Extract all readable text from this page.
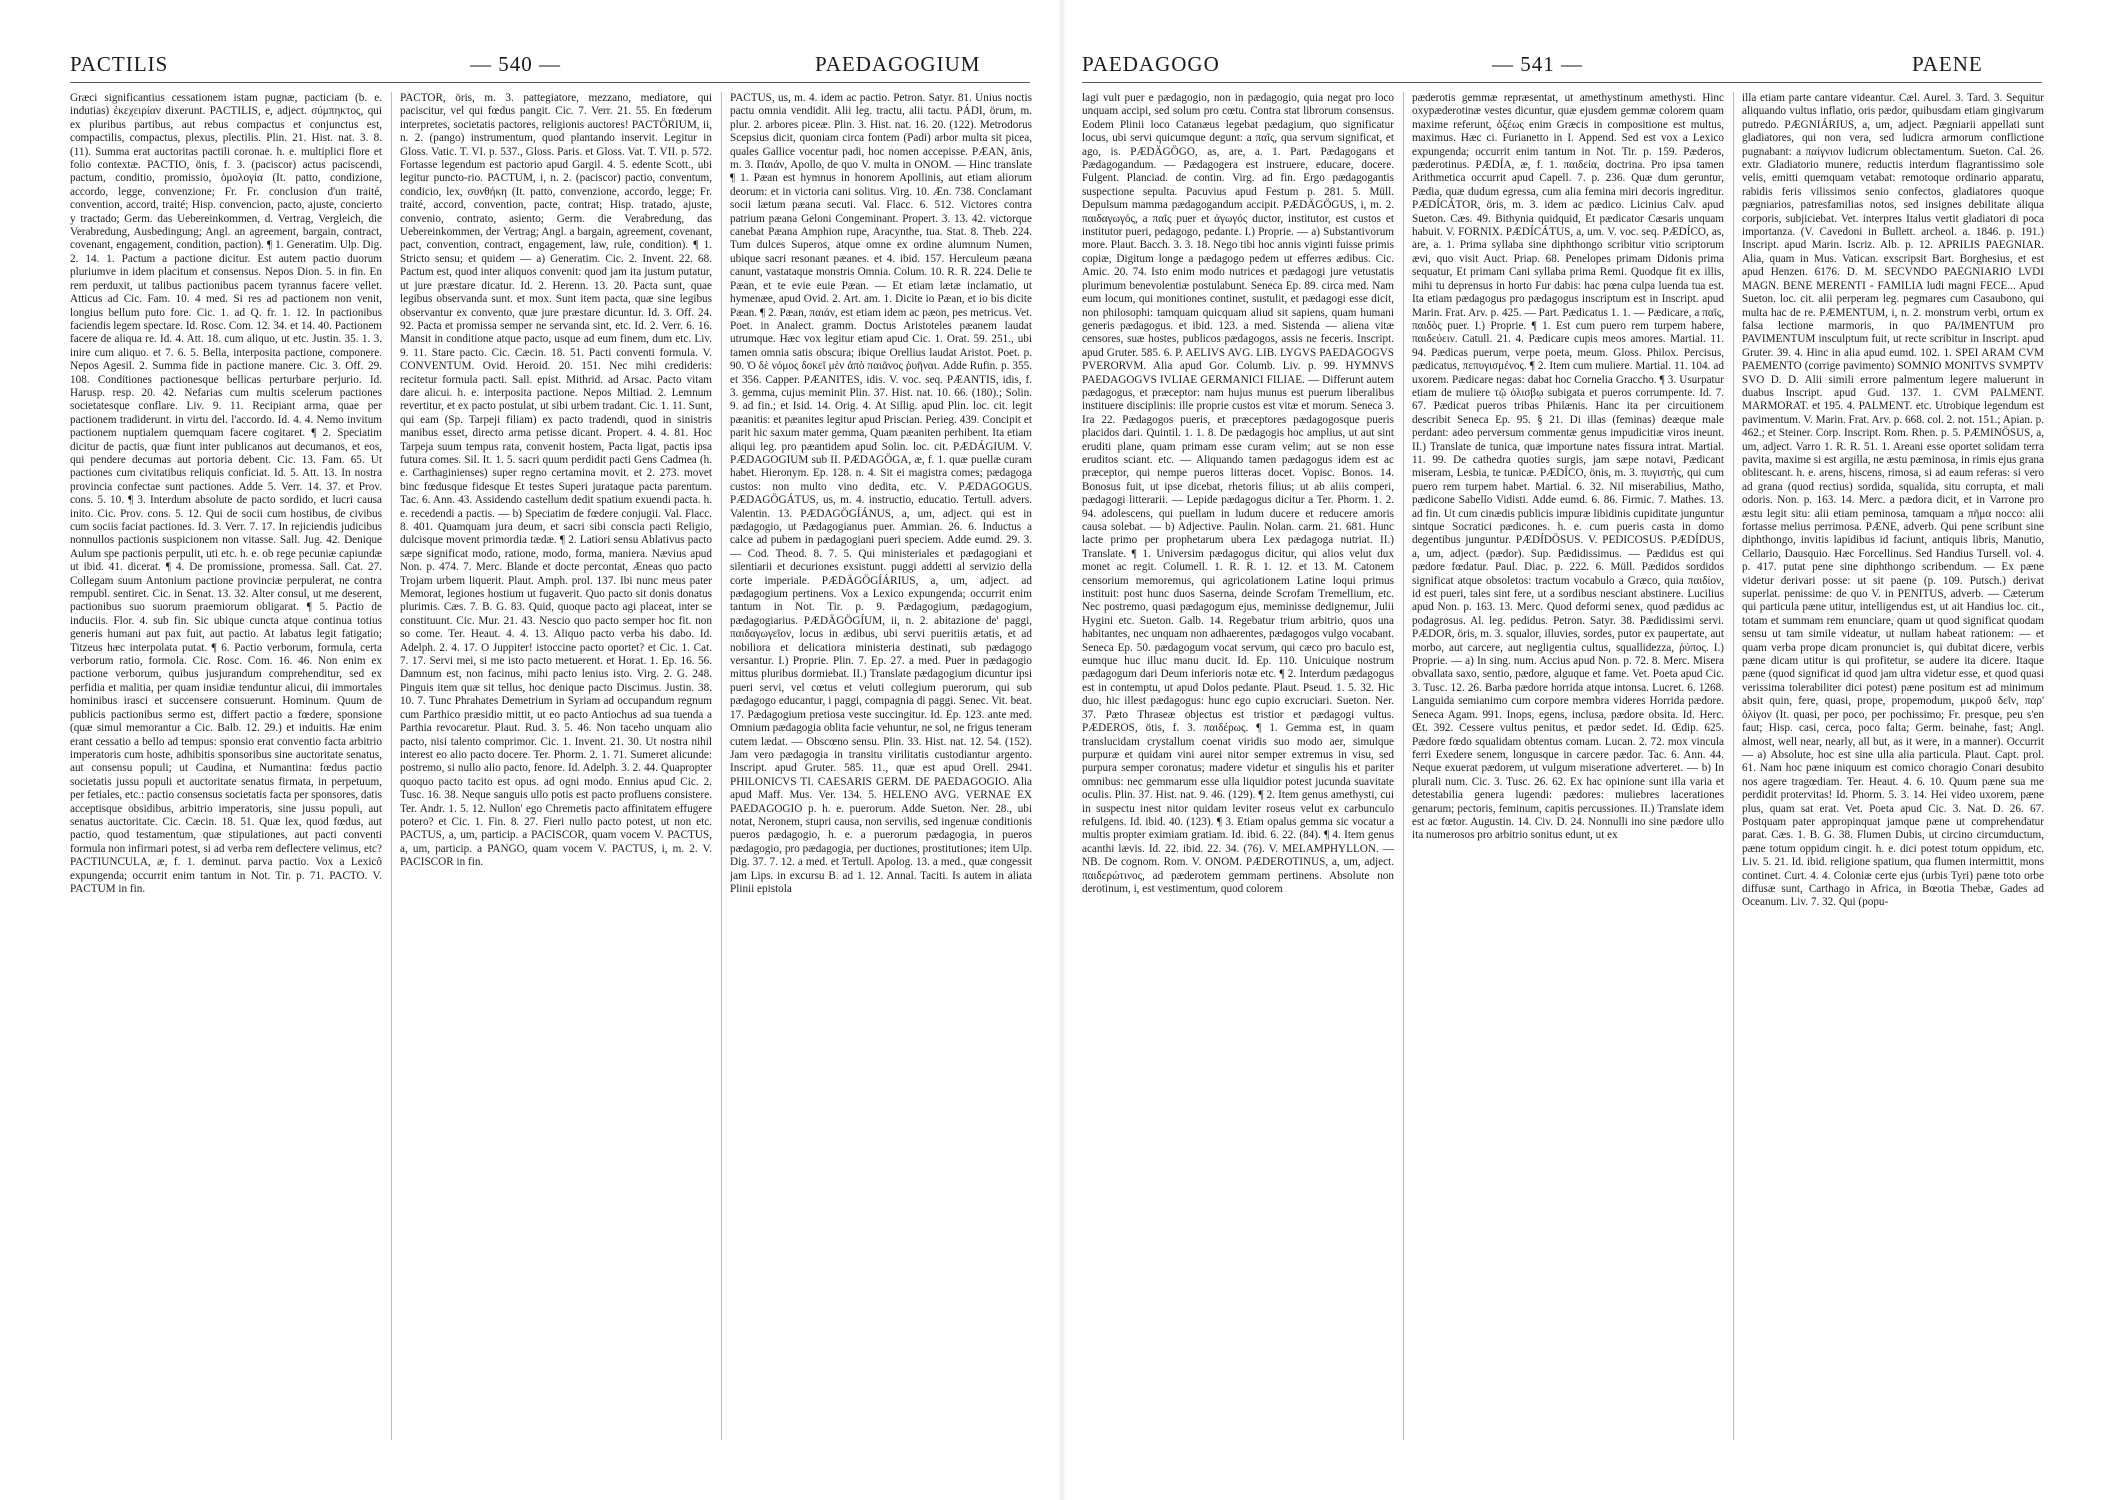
PACTILIS	— 540 —	PAEDAGOGIUM

Græci significantius cessationem istam pugnæ, pacticiam (b. e. indutias) ἐκεχειρίαν dixerunt. PACTILIS, e, adject. σύμπηκτος, qui ex pluribus partibus, aut rebus compactus et conjunctus est, compactilis, compactus, plexus, plectilis. Plin. 21. Hist. nat. 3. 8. (11). Summa erat auctoritas pactili coronae. h. e. multiplici flore et folio contextæ. PACTIO, önis, f. 3. (paciscor) actus paciscendi, pactum, conditio, promissio, ὁμολογία (It. patto, condizione, accordo, legge, convenzione; Fr. Fr. conclusion d'un traité, convention, accord, traité; Hisp. convencion, pacto, ajuste, concierto y tractado; Germ. das Uebereinkommen, d. Vertrag, Vergleich, die Verabredung, Ausbedingung; Angl. an agreement, bargain, contract, covenant, engagement, condition, paction). ¶ 1. Generatim. Ulp. Dig. 2. 14. 1. Pactum a pactione dicitur. Est autem pactio duorum pluriumve in idem placitum et consensus. Nepos Dion. 5. in fin. En rem perduxit, ut talibus pactionibus pacem tyrannus facere vellet. Atticus ad Cic. Fam. 10. 4 med. Si res ad pactionem non venit, longius bellum puto fore. Cic. 1. ad Q. fr. 1. 12. In pactionibus faciendis legem spectare. Id. Rosc. Com. 12. 34. et 14. 40. Pactionem facere de aliqua re. Id. 4. Att. 18. cum aliquo, ut etc. Justin. 35. 1. 3. inire cum aliquo. et 7. 6. 5. Bella, interposita pactione, componere. Nepos Agesil. 2. Summa fide in pactione manere. Cic. 3. Off. 29. 108. Conditiones pactionesque bellicas perturbare perjurio. Id. Harusp. resp. 20. 42. Nefarias cum multis scelerum pactiones societatesque conflare. Liv. 9. 11. Recipiant arma, quae per pactionem tradiderunt. in virtu del. l'accordo. Id. 4. 4. Nemo invitum pactionem nuptialem quemquam facere cogitaret. ¶ 2. Speciatim dicitur de pactis, quæ fiunt inter publicanos aut decumanos, et eos, qui pendere decumas aut portoria debent. Cic. 13. Fam. 65. Ut pactiones cum civitatibus reliquis conficiat. Id. 5. Att. 13. In nostra provincia confectae sunt pactiones. Adde 5. Verr. 14. 37. et Prov. cons. 5. 10. ¶ 3. Interdum absolute de pacto sordido, et lucri causa inito. Cic. Prov. cons. 5. 12. Qui de socii cum hostibus, de civibus cum sociis faciat pactiones. Id. 3. Verr. 7. 17. In rejiciendis judicibus nonnullos pactionis suspicionem non vitasse. Sall. Jug. 42. Denique Aulum spe pactionis perpulit, uti etc. h. e. ob rege pecuniæ capiundæ ut ibid. 41. dicerat. ¶ 4. De promissione, promessa. Sall. Cat. 27. Collegam suum Antonium pactione provinciæ perpulerat, ne contra rempubl. sentiret. Cic. in Senat. 13. 32. Alter consul, ut me deserent, pactionibus suo suorum praemiorum obligarat. ¶ 5. Pactio de induciis. Flor. 4. sub fin. Sic ubique cuncta atque continua totius generis humani aut pax fuit, aut pactio. At labatus legit fatigatio; Titzeus hæc interpolata putat. ¶ 6. Pactio verborum, formula, certa verborum ratio, formola. Cic. Rosc. Com. 16. 46. Non enim ex pactione verborum, quibus jusjurandum comprehenditur, sed ex perfidia et malitia, per quam insidiæ tenduntur alicui, dii immortales hominibus irasci et succensere consuerunt. Hominum. Quum de publicis pactionibus sermo est, differt pactio a fœdere, sponsione (quæ simul memorantur a Cic. Balb. 12. 29.) et induitis. Hæ enim erant cessatio a bello ad tempus: sponsio erat conventio facta arbitrio imperatoris cum hoste, adhibitis sponsoribus sine auctoritate senatus, aut consensu populi; ut Caudina, et Numantina: fœdus pactio societatis jussu populi et auctoritate senatus firmata, in perpetuum, per fetiales, etc.: pactio consensus societatis facta per sponsores, datis acceptisque obsidibus, arbitrio imperatoris, sine jussu populi, aut senatus auctoritate. Cic. Cæcin. 18. 51. Quæ lex, quod fœdus, aut pactio, quod testamentum, quæ stipulationes, aut pacti conventi formula non infirmari potest, si ad verba rem deflectere velimus, etc? PACTIUNCULA, æ, f. 1. deminut. parva pactio. Vox a Lexicô expungenda; occurrit enim tantum in Not. Tir. p. 71. PACTO. V. PACTUM in fin.

PACTOR, öris, m. 3. pattegiatore, mezzano, mediatore, qui paciscitur, vel qui fœdus pangit. Cic. 7. Verr. 21. 55. En fœderum interpretes, societatis pactores, religionis auctores! PACTÖRIUM, ii, n. 2. (pango) instrumentum, quod plantando inservit. Legitur in Gloss. Vatic. T. VI. p. 537., Gloss. Paris. et Gloss. Vat. T. VII. p. 572. Fortasse legendum est pactorio apud Gargil. 4. 5. edente Scott., ubi legitur puncto-rio. PACTUM, i, n. 2. (paciscor) pactio, conventum, condicio, lex, συνθήκη (It. patto, convenzione, accordo, legge; Fr. traité, accord, convention, pacte, contrat; Hisp. tratado, ajuste, convenio, contrato, asiento; Germ. die Verabredung, das Uebereinkommen, der Vertrag; Angl. a bargain, agreement, covenant, pact, convention, contract, engagement, law, rule, condition). ¶ 1. Stricto sensu; et quidem — a) Generatim. Cic. 2. Invent. 22. 68. Pactum est, quod inter aliquos convenit: quod jam ita justum putatur, ut jure præstare dicatur. Id. 2. Herenn. 13. 20. Pacta sunt, quae legibus observanda sunt. et mox. Sunt item pacta, quæ sine legibus observantur ex convento, quæ jure præstare dicuntur. Id. 3. Off. 24. 92. Pacta et promissa semper ne servanda sint, etc. Id. 2. Verr. 6. 16. Mansit in conditione atque pacto, usque ad eum finem, dum etc. Liv. 9. 11. Stare pacto. Cic. Cæcin. 18. 51. Pacti conventi formula. V. CONVENTUM. Ovid. Heroid. 20. 151. Nec mihi credideris: recitetur formula pacti. Sall. epist. Mithrid. ad Arsac. Pacto vitam dare alicui. h. e. interposita pactione. Nepos Miltiad. 2. Lemnum revertitur, et ex pacto postulat, ut sibi urbem tradant. Cic. 1. 11. Sunt, qui eam (Sp. Tarpeji filiam) ex pacto tradendi, quod in sinistris manibus esset, directo arma petisse dicant. Propert. 4. 4. 81. Hoc Tarpeja suum tempus rata, convenit hostem, Pacta ligat, pactis ipsa futura comes. Sil. It. 1. 5. sacri quum perdidit pacti Gens Cadmea (h. e. Carthaginienses) super regno certamina movit. et 2. 273. movet binc fœdusque fidesque Et testes Superi jurataque pacta parentum. Tac. 6. Ann. 43. Assidendo castellum dedit spatium exuendi pacta. h. e. recedendi a pactis. — b) Speciatim de fœdere conjugii. Val. Flacc. 8. 401. Quamquam jura deum, et sacri sibi conscia pacti Religio, dulcisque movent primordia tædæ. ¶ 2. Latiori sensu Ablativus pacto sæpe significat modo, ratione, modo, forma, maniera. Nævius apud Non. p. 474. 7. Merc. Blande et docte percontat, Æneas quo pacto Trojam urbem liquerit. Plaut. Amph. prol. 137. Ibi nunc meus pater Memorat, legiones hostium ut fugaverit. Quo pacto sit donis donatus plurimis. Cæs. 7. B. G. 83. Quid, quoque pacto agi placeat, inter se constituunt. Cic. Mur. 21. 43. Nescio quo pacto semper hoc fit. non so come. Ter. Heaut. 4. 4. 13. Aliquo pacto verba his dabo. Id. Adelph. 2. 4. 17. O Juppiter! istoccine pacto oportet? et Cic. 1. Cat. 7. 17. Servi mei, si me isto pacto metuerent. et Horat. 1. Ep. 16. 56. Damnum est, non facinus, mihi pacto lenius isto. Virg. 2. G. 248. Pinguis item quæ sit tellus, hoc denique pacto Discimus. Justin. 38. 10. 7. Tunc Phrahates Demetrium in Syriam ad occupandum regnum cum Parthico præsidio mittit, ut eo pacto Antiochus ad sua tuenda a Parthia revocaretur. Plaut. Rud. 3. 5. 46. Non taceho unquam alio pacto, nisi talento comprimor. Cic. 1. Invent. 21. 30. Ut nostra nihil interest eo alio pacto docere. Ter. Phorm. 2. 1. 71. Sumeret alicunde: postremo, si nullo alio pacto, fenore. Id. Adelph. 3. 2. 44. Quapropter quoquo pacto tacito est opus. ad ogni modo. Ennius apud Cic. 2. Tusc. 16. 38. Neque sanguis ullo potis est pacto profluens consistere. Ter. Andr. 1. 5. 12. Nullon' ego Chremetis pacto affinitatem effugere potero? et Cic. 1. Fin. 8. 27. Fieri nullo pacto potest, ut non etc. PACTUS, a, um, particip. a PACISCOR, quam vocem V. PACTUS, a, um, particip. a PANGO, quam vocem V. PACTUS, i, m. 2. V. PACISCOR in fin.

PACTUS, us, m. 4. idem ac pactio. Petron. Satyr. 81. Unius noctis pactu omnia vendidit. Alii leg. tractu, alii tactu. PÁDI, örum, m. plur. 2. arbores piceæ. Plin. 3. Hist. nat. 16. 20. (122). Metrodorus Scepsius dicit, quoniam circa fontem (Padi) arbor multa sit picea, quales Gallice vocentur padi, hoc nomen accepisse. PÆAN, ānis, m. 3. Παιάν, Apollo, de quo V. multa in ONOM. — Hinc translate ¶ 1. Pæan est hymnus in honorem Apollinis, aut etiam aliorum deorum: et in victoria cani solitus. Virg. 10. Æn. 738. Conclamant socii lætum pæana secuti. Val. Flacc. 6. 512. Victores contra patrium pæana Geloni Congeminant. Propert. 3. 13. 42. victorque canebat Pæana Amphion rupe, Aracynthe, tua. Stat. 8. Theb. 224. Tum dulces Superos, atque omne ex ordine alumnum Numen, ubique sacri resonant pæanes. et 4. ibid. 157. Herculeum pæana canunt, vastataque monstris Omnia. Colum. 10. R. R. 224. Delie te Pæan, et te evie euie Pæan. — Et etiam lætæ inclamatio, ut hymenæe, apud Ovid. 2. Art. am. 1. Dicite io Pæan, et io bis dicite Pæan. ¶ 2. Pæan, παιάν, est etiam idem ac pæon, pes metricus. Vet. Poet. in Analect. gramm. Doctus Aristoteles pæanem laudat utrumque. Hæc vox legitur etiam apud Cic. 1. Orat. 59. 251., ubi tamen omnia satis obscura; ibique Orellius laudat Aristot. Poet. p. 90. Ὁ δὲ νόμος δοκεῖ μὲν ἀπὸ παιᾶνος ῥυῆναι. Adde Rufin. p. 355. et 356. Capper. PÆANITES, idis. V. voc. seq. PÆANTIS, idis, f. 3. gemma, cujus meminit Plin. 37. Hist. nat. 10. 66. (180).; Solin. 9. ad fin.; et Isid. 14. Orig. 4. At Sillig. apud Plin. loc. cit. legit pæanitis: et pæanites legitur apud Priscian. Perieg. 439. Concipit et parit hic saxum mater gemma, Quam pæaniten perhibent. Ita etiam aliqui leg. pro pæantidem apud Solin. loc. cit. PÆDÁGIUM. V. PÆDAGOGIUM sub II. PÆDAGÖGA, æ, f. 1. quæ puellæ curam habet. Hieronym. Ep. 128. n. 4. Sit ei magistra comes; pædagoga custos: non multo vino dedita, etc. V. PÆDAGOGUS. PÆDAGÖGÁTUS, us, m. 4. instructio, educatio. Tertull. advers. Valentin. 13. PÆDAGÖGÍÁNUS, a, um, adject. qui est in pædagogio, ut Pædagogianus puer. Ammian. 26. 6. Inductus a calce ad pubem in pædagogiani pueri speciem. Adde eumd. 29. 3. — Cod. Theod. 8. 7. 5. Qui ministeriales et pædagogiani et silentiarii et decuriones exsistunt. puggi addetti al servizio della corte imperiale. PÆDÄGÖGÍÁRIUS, a, um, adject. ad pædagogium pertinens. Vox a Lexico expungenda; occurrit enim tantum in Not. Tir. p. 9. Pædagogium, pædagogium, pædagogiarius. PÆDÄGÖGÍUM, ii, n. 2. abitazione de' paggi, παιδαγωγεῖον, locus in ædibus, ubi servi pueritiis ætatis, et ad nobiliora et delicatiora ministeria destinati, sub pædagogo versantur. I.) Proprie. Plin. 7. Ep. 27. a med. Puer in pædagogio mittus pluribus dormiebat. II.) Translate pædagogium dicuntur ipsi pueri servi, vel cœtus et veluti collegium puerorum, qui sub pædagogo educantur, i paggi, compagnia di paggi. Senec. Vit. beat. 17. Pædagogium pretiosa veste succingitur. Id. Ep. 123. ante med. Omnium pædagogia oblita facie vehuntur, ne sol, ne frigus teneram cutem lædat. — Obscœno sensu. Plin. 33. Hist. nat. 12. 54. (152). Jam vero pædagogia in transitu virilitatis custodiantur argento. Inscript. apud Gruter. 585. 11., quæ est apud Orell. 2941. PHILONICVS TI. CAESARIS GERM. DE PAEDAGOGIO. Alia apud Maff. Mus. Ver. 134. 5. HELENO AVG. VERNAE EX PAEDAGOGIO p. h. e. puerorum. Adde Sueton. Ner. 28., ubi notat, Neronem, stupri causa, non servilis, sed ingenuæ conditionis pueros pædagogio, h. e. a puerorum pædagogia, in pueros pædagogio, pro pædagogia, per ductiones, prostitutiones; item Ulp. Dig. 37. 7. 12. a med. et Tertull. Apolog. 13. a med., quæ congessit jam Lips. in excursu B. ad 1. 12. Annal. Taciti. Is autem in aliata Plinii epistola

PAEDAGOGO	— 541 —	PAENE

lagi vult puer e pædagogio, non in pædagogio, quia negat pro loco unquam accipi, sed solum pro cœtu. Contra stat librorum consensus. Eodem Plinii loco Catanæus legebat pædagium, quo significatur locus, ubi servi quicumque degunt: a παῖς, qua servum significat, et ago, is. PÆDÄGÖGO, as, are, a. 1. Part. Pædagogans et Pædagogandum. — Pædagogera est instruere, educare, docere. Fulgent. Planciad. de contin. Virg. ad fin. Ergo pædagogantis suspectione sepulta. Pacuvius apud Festum p. 281. 5. Müll. Depulsum mamma pædagogandum accipit. PÆDÄGÖGUS, i, m. 2. παιδαγωγός, a παῖς puer et ἀγωγός ductor, institutor, est custos et institutor pueri, pedagogo, pedante. I.) Proprie. — a) Substantivorum more. Plaut. Bacch. 3. 3. 18. Nego tibi hoc annis viginti fuisse primis copiæ, Digitum longe a pædagogo pedem ut efferres ædibus. Cic. Amic. 20. 74. Isto enim modo nutrices et pædagogi jure vetustatis plurimum benevolentiæ postulabunt. Seneca Ep. 89. circa med. Nam eum locum, qui monitiones continet, sustulit, et pædagogi esse dicit, non philosophi: tamquam quicquam aliud sit sapiens, quam humani generis pædagogus. et ibid. 123. a med. Sistenda — aliena vitæ censores, suæ hostes, publicos pædagogos, assis ne feceris. Inscript. apud Gruter. 585. 6. P. AELIVS AVG. LIB. LYGVS PAEDAGOGVS PVERORVM. Alia apud Gor. Columb. Liv. p. 99. HYMNVS PAEDAGOGVS IVLIAE GERMANICI FILIAE. — Differunt autem pædagogus, et præceptor: nam hujus munus est puerum liberalibus instituere disciplinis: ille proprie custos est vitæ et morum. Seneca 3. Ira 22. Pædagogos pueris, et præceptores pædagogosque pueris placidos dari. Quintil. 1. 1. 8. De pædagogis hoc amplius, ut aut sint eruditi plane, quam primam esse curam velim; aut se non esse eruditos sciant. etc. — Aliquando tamen pædagogus idem est ac præceptor, qui nempe pueros litteras docet. Vopisc. Bonos. 14. Bonosus fuit, ut ipse dicebat, rhetoris filius; ut ab aliis comperi, pædagogi litterarii. — Lepide pædagogus dicitur a Ter. Phorm. 1. 2. 94. adolescens, qui puellam in ludum ducere et reducere amoris causa solebat. — b) Adjective. Paulin. Nolan. carm. 21. 681. Hunc lacte primo per prophetarum ubera Lex pædagoga nutriat. II.) Translate. ¶ 1. Universim pædagogus dicitur, qui alios velut dux monet ac regit. Columell. 1. R. R. 1. 12. et 13. M. Catonem censorium memoremus, qui agricolationem Latine loqui primus instituit: post hunc duos Saserna, deinde Scrofam Tremellium, etc. Nec postremo, quasi pædagogum ejus, meminisse dedignemur, Julii Hygini etc. Sueton. Galb. 14. Regebatur trium arbitrio, quos una habitantes, nec unquam non adhaerentes, pædagogos vulgo vocabant. Seneca Ep. 50. pædagogum vocat servum, qui cæco pro baculo est, eumque huc illuc manu ducit. Id. Ep. 110. Unicuique nostrum pædagogum dari Deum inferioris notæ etc. ¶ 2. Interdum pædagogus est in contemptu, ut apud Dolos pedante. Plaut. Pseud. 1. 5. 32. Hic duo, hic illest pædagogus: hunc ego cupio excruciari. Sueton. Ner. 37. Pæto Thraseæ objectus est tristior et pædagogi vultus. PÆDEROS, ötis, f. 3. παιδέρως. ¶ 1. Gemma est, in quam translucidam crystallum coenat viridis suo modo aer, simulque purpuræ et quidam vini aurei nitor semper extremus in visu, sed purpura semper coronatus; madere videtur et singulis his et pariter omnibus: nec gemmarum esse ulla liquidior potest jucunda suavitate oculis. Plin. 37. Hist. nat. 9. 46. (129). ¶ 2. Item genus amethysti, cui in suspectu inest nitor quidam leviter roseus velut ex carbunculo refulgens. Id. ibid. 40. (123). ¶ 3. Etiam opalus gemma sic vocatur a multis propter eximiam gratiam. Id. ibid. 6. 22. (84). ¶ 4. Item genus acanthi lævis. Id. 22. ibid. 22. 34. (76). V. MELAMPHYLLON. — NB. De cognom. Rom. V. ONOM. PÆDEROTINUS, a, um, adject. παιδερώτινος, ad pæderotem gemmam pertinens. Absolute non derotinum, i, est vestimentum, quod colorem

pæderotis gemmæ repræsentat, ut amethystinum amethysti. Hinc oxypæderotinæ vestes dicuntur, quæ ejusdem gemmæ colorem quam maxime referunt, ὀξέως enim Græcis in compositione est multus, maximus. Hæc ci. Furianetto in I. Append. Sed est vox a Lexico expungenda; occurrit enim tantum in Not. Tir. p. 159. Pæderos, pæderotinus. PÆDÍA, æ, f. 1. παιδεία, doctrina. Pro ipsa tamen Arithmetica occurrit apud Capell. 7. p. 236. Quæ dum geruntur, Pædia, quæ dudum egressa, cum alia femina miri decoris ingreditur. PÆDÍCÁTOR, öris, m. 3. idem ac pædico. Licinius Calv. apud Sueton. Cæs. 49. Bithynia quidquid, Et pædicator Cæsaris unquam habuit. V. FORNIX. PÆDÍCÁTUS, a, um. V. voc. seq. PÆDÍCO, as, are, a. 1. Prima syllaba sine diphthongo scribitur vitio scriptorum ævi, quo visit Auct. Priap. 68. Penelopes primam Didonis prima sequatur, Et primam Cani syllaba prima Remi. Quodque fit ex illis, mihi tu deprensus in horto Fur dabis: hac pœna culpa luenda tua est. Ita etiam pædagogus pro pædagogus inscriptum est in Inscript. apud Marin. Frat. Arv. p. 425. — Part. Pædicatus 1. 1. — Pædicare, a παῖς, παιδὸς puer. I.) Proprie. ¶ 1. Est cum puero rem turpem habere, παιδεύειν. Catull. 21. 4. Pædicare cupis meos amores. Martial. 11. 94. Pædicas puerum, verpe poeta, meum. Gloss. Philox. Percisus, pædicatus, πεπυγισμένος. ¶ 2. Item cum muliere. Martial. 11. 104. ad uxorem. Pædicare negas: dabat hoc Cornelia Graccho. ¶ 3. Usurpatur etiam de muliere τῷ ὀλισβῳ subigata et pueros corrumpente. Id. 7. 67. Pædicat pueros tribas Philænis. Hanc ita per circuitionem describit Seneca Ep. 95. § 21. Di illas (feminas) deæque male perdant: adeo perversum commentæ genus impudicitiæ viros ineunt. II.) Translate de tunica, quæ importune nates fissura intrat. Martial. 11. 99. De cathedra quoties surgis, jam sæpe notavi, Pædicant miseram, Lesbia, te tunicæ. PÆDÍCO, önis, m. 3. πυγιστής, qui cum puero rem turpem habet. Martial. 6. 32. Nil miserabilius, Matho, pædicone Sabello Vidisti. Adde eumd. 6. 86. Firmic. 7. Mathes. 13. ad fin. Ut cum cinædis publicis impuræ libidinis cupiditate junguntur sintque Socratici pædicones. h. e. cum pueris casta in domo degentibus junguntur. PÆDÍDÖSUS. V. PEDICOSUS. PÆDÍDUS, a, um, adject. (pædor). Sup. Pædidissimus. — Pædidus est qui pædore fœdatur. Paul. Diac. p. 222. 6. Müll. Pædidos sordidos significat atque obsoletos: tractum vocabulo a Græco, quia παιδίον, id est pueri, tales sint fere, ut a sordibus nesciant abstinere. Lucilius apud Non. p. 163. 13. Merc. Quod deformi senex, quod pædidus ac podagrosus. Al. leg. pedidus. Petron. Satyr. 38. Pædidissimi servi. PÆDOR, öris, m. 3. squalor, illuvies, sordes, putor ex paupertate, aut morbo, aut carcere, aut negligentia cultus, squallidezza, ῥύπος. I.) Proprie. — a) In sing. num. Accius apud Non. p. 72. 8. Merc. Misera obvallata saxo, sentio, pædore, alguque et fame. Vet. Poeta apud Cic. 3. Tusc. 12. 26. Barba pædore horrida atque intonsa. Lucret. 6. 1268. Languida semianimo cum corpore membra videres Horrida pædore. Seneca Agam. 991. Inops, egens, inclusa, pædore obsita. Id. Herc. Œt. 392. Cessere vultus penitus, et pædor sedet. Id. Œdip. 625. Pædore fœdo squalidam obtentus comam. Lucan. 2. 72. mox vincula ferri Exedere senem, longusque in carcere pædor. Tac. 6. Ann. 44. Neque exuerat pædorem, ut vulgum miseratione adverteret. — b) In plurali num. Cic. 3. Tusc. 26. 62. Ex hac opinione sunt illa varia et detestabilia genera lugendi: pædores: muliebres lacerationes genarum; pectoris, feminum, capitis percussiones. II.) Translate idem est ac fœtor. Augustin. 14. Civ. D. 24. Nonnulli ino sine pædore ullo ita numerosos pro arbitrio sonitus edunt, ut ex

illa etiam parte cantare videantur. Cæl. Aurel. 3. Tard. 3. Sequitur aliquando vultus inflatio, oris pædor, quibusdam etiam gingivarum putredo. PÆGNIÁRIUS, a, um, adject. Pægniarii appellati sunt gladiatores, qui non vera, sed ludicra armorum conflictione pugnabant: a παίγνιον ludicrum oblectamentum. Sueton. Cal. 26. extr. Gladiatorio munere, reductis interdum flagrantissimo sole velis, emitti quemquam vetabat: remotoque ordinario apparatu, rabidis feris vilissimos senio confectos, gladiatores quoque pægniarios, patresfamilias notos, sed insignes debilitate aliqua corporis, subjiciebat. Vet. interpres Italus vertit gladiatori di poca importanza. (V. Cavedoni in Bullett. archeol. a. 1846. p. 191.) Inscript. apud Marin. Iscriz. Alb. p. 12. APRILIS PAEGNIAR. Alia, quam in Mus. Vatican. exscripsit Bart. Borghesius, et est apud Henzen. 6176. D. M. SECVNDO PAEGNIARIO LVDI MAGN. BENE MERENTI - FAMILIA ludi magni FECE... Apud Sueton. loc. cit. alii perperam leg. pegmares cum Casaubono, qui multa hac de re. PÆMENTUM, i, n. 2. monstrum verbi, ortum ex falsa lectione marmoris, in quo PA/IMENTUM pro PAVIMENTUM insculptum fuit, ut recte scribitur in Inscript. apud Gruter. 39. 4. Hinc in alia apud eumd. 102. 1. SPEI ARAM CVM PAEMENTO (corrige pavimento) SOMNIO MONITVS SVMPTV SVO D. D. Alii simili errore palmentum legere maluerunt in duabus Inscript. apud Gud. 137. 1. CVM PALMENT. MARMORAT. et 195. 4. PALMENT. etc. Utrobique legendum est pavimentum. V. Marin. Frat. Arv. p. 668. col. 2. not. 151.; Apian. p. 462.; et Steiner. Corp. Inscript. Rom. Rhen. p. 5. PÆMINÖSUS, a, um, adject. Varro 1. R. R. 51. 1. Areani esse oportet solidam terra pavita, maxime si est argilla, ne æstu pæminosa, in rimis ejus grana oblitescant. h. e. arens, hiscens, rimosa, si ad eaum referas: si vero ad grana (quod rectius) sordida, squalida, situ corrupta, et mali odoris. Non. p. 163. 14. Merc. a pædora dicit, et in Varrone pro æstu legit situ: alii etiam peminosa, tamquam a πῆμα nocco: alii fortasse melius perrimosa. PÆNE, adverb. Qui pene scribunt sine diphthongo, invitis lapidibus id faciunt, antiquis libris, Manutio, Cellario, Dausquio. Hæc Forcellinus. Sed Handius Tursell. vol. 4. p. 417. putat pene sine diphthongo scribendum. — Ex pæne videtur derivari posse: ut sit paene (p. 109. Putsch.) derivat superlat. penissime: de quo V. in PENITUS, adverb. — Cæterum qui particula pæne utitur, intelligendus est, ut ait Handius loc. cit., totam et summam rem enunciare, quam ut quod significat quodam sensu ut tam simile videatur, ut nullam habeat rationem: — et quam verba prope dicam pronunciet is, qui dubitat dicere, verbis pæne dicam utitur is qui profitetur, se audere ita dicere. Itaque pæne (quod significat id quod jam ultra videtur esse, et quod quasi verissima tolerabiliter dici potest) pæne positum est ad minimum absit quin, fere, quasi, prope, propemodum, μικροῦ δεῖν, παρ' ὀλίγον (It. quasi, per poco, per pochissimo; Fr. presque, peu s'en faut; Hisp. casi, cerca, poco falta; Germ. beinahe, fast; Angl. almost, well near, nearly, all but, as it were, in a manner). Occurrit — a) Absolute, hoc est sine ulla alia particula. Plaut. Capt. prol. 61. Nam hoc pæne iniquum est comico choragio Conari desubito nos agere tragœdiam. Ter. Heaut. 4. 6. 10. Quum pæne sua me perdidit protervitas! Id. Phorm. 5. 3. 14. Hei video uxorem, pæne plus, quam sat erat. Vet. Poeta apud Cic. 3. Nat. D. 26. 67. Postquam pater appropinquat jamque pæne ut comprehendatur parat. Cæs. 1. B. G. 38. Flumen Dubis, ut circino circumductum, pæne totum oppidum cingit. h. e. dici potest totum oppidum, etc. Liv. 5. 21. Id. ibid. religione spatium, qua flumen intermittit, mons continet. Curt. 4. 4. Coloniæ certe ejus (urbis Tyri) pæne toto orbe diffusæ sunt, Carthago in Africa, in Bœotia Thebæ, Gades ad Oceanum. Liv. 7. 32. Qui (popu-
